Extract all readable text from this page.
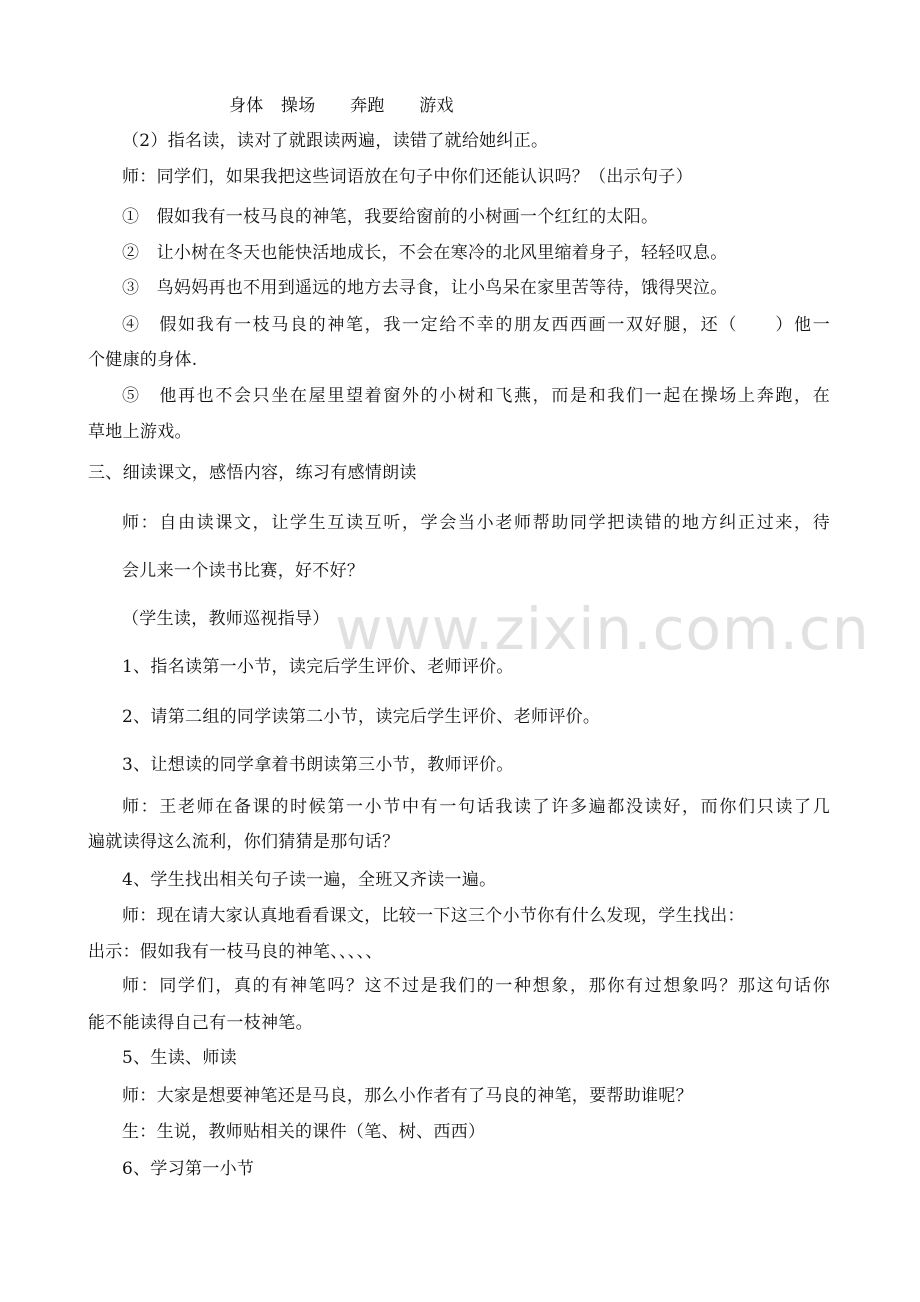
身体　操场　　奔跑　　游戏
（2）指名读，读对了就跟读两遍，读错了就给她纠正。
师：同学们，如果我把这些词语放在句子中你们还能认识吗？（出示句子）
①　假如我有一枝马良的神笔，我要给窗前的小树画一个红红的太阳。
②　让小树在冬天也能快活地成长，不会在寒冷的北风里缩着身子，轻轻叹息。
③　鸟妈妈再也不用到遥远的地方去寻食，让小鸟呆在家里苦等待，饿得哭泣。
④　假如我有一枝马良的神笔，我一定给不幸的朋友西西画一双好腿，还（　　）他一
个健康的身体.
⑤　他再也不会只坐在屋里望着窗外的小树和飞燕，而是和我们一起在操场上奔跑，在
草地上游戏。
三、细读课文，感悟内容，练习有感情朗读
师：自由读课文，让学生互读互听，学会当小老师帮助同学把读错的地方纠正过来，待
会儿来一个读书比赛，好不好？
（学生读，教师巡视指导）
1、指名读第一小节，读完后学生评价、老师评价。
2、请第二组的同学读第二小节，读完后学生评价、老师评价。
3、让想读的同学拿着书朗读第三小节，教师评价。
师：王老师在备课的时候第一小节中有一句话我读了许多遍都没读好，而你们只读了几
遍就读得这么流利，你们猜猜是那句话？
4、学生找出相关句子读一遍，全班又齐读一遍。
师：现在请大家认真地看看课文，比较一下这三个小节你有什么发现，学生找出：
出示：假如我有一枝马良的神笔、、、、、
师：同学们，真的有神笔吗？这不过是我们的一种想象，那你有过想象吗？那这句话你
能不能读得自己有一枝神笔。
5、生读、师读
师：大家是想要神笔还是马良，那么小作者有了马良的神笔，要帮助谁呢？
生：生说，教师贴相关的课件（笔、树、西西）
6、学习第一小节
www.zixin.com.cn
